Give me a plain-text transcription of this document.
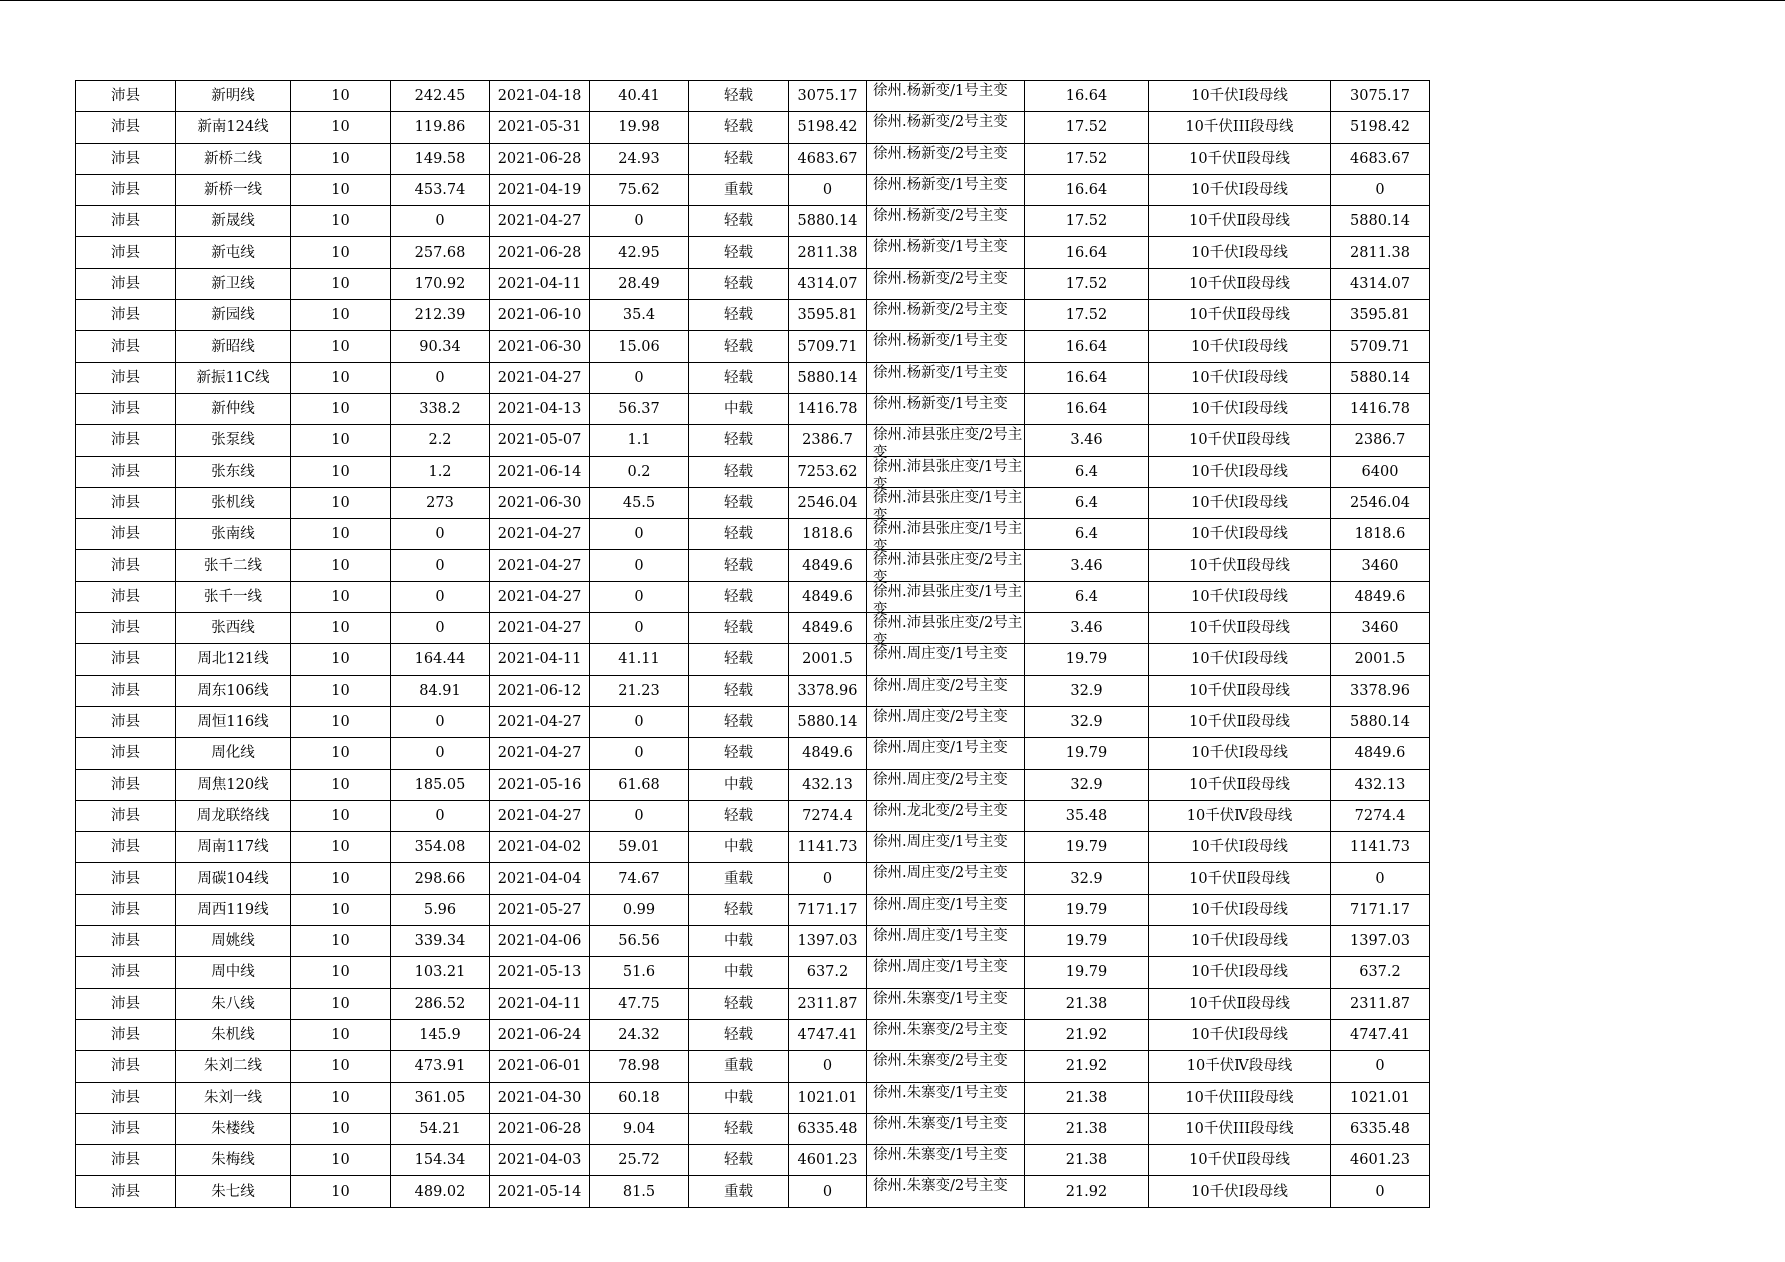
沛县	新明线	10	242.45	2021-04-18	40.41	轻载	3075.17	徐州.杨新变/1号主变	16.64	10千伏Ⅰ段母线	3075.17
沛县	新南124线	10	119.86	2021-05-31	19.98	轻载	5198.42	徐州.杨新变/2号主变	17.52	10千伏III段母线	5198.42
沛县	新桥二线	10	149.58	2021-06-28	24.93	轻载	4683.67	徐州.杨新变/2号主变	17.52	10千伏Ⅱ段母线	4683.67
沛县	新桥一线	10	453.74	2021-04-19	75.62	重载	0	徐州.杨新变/1号主变	16.64	10千伏Ⅰ段母线	0
沛县	新晟线	10	0	2021-04-27	0	轻载	5880.14	徐州.杨新变/2号主变	17.52	10千伏Ⅱ段母线	5880.14
沛县	新屯线	10	257.68	2021-06-28	42.95	轻载	2811.38	徐州.杨新变/1号主变	16.64	10千伏Ⅰ段母线	2811.38
沛县	新卫线	10	170.92	2021-04-11	28.49	轻载	4314.07	徐州.杨新变/2号主变	17.52	10千伏Ⅱ段母线	4314.07
沛县	新园线	10	212.39	2021-06-10	35.4	轻载	3595.81	徐州.杨新变/2号主变	17.52	10千伏Ⅱ段母线	3595.81
沛县	新昭线	10	90.34	2021-06-30	15.06	轻载	5709.71	徐州.杨新变/1号主变	16.64	10千伏Ⅰ段母线	5709.71
沛县	新振11C线	10	0	2021-04-27	0	轻载	5880.14	徐州.杨新变/1号主变	16.64	10千伏Ⅰ段母线	5880.14
沛县	新仲线	10	338.2	2021-04-13	56.37	中载	1416.78	徐州.杨新变/1号主变	16.64	10千伏Ⅰ段母线	1416.78
沛县	张泵线	10	2.2	2021-05-07	1.1	轻载	2386.7	徐州.沛县张庄变/2号主变	3.46	10千伏Ⅱ段母线	2386.7
沛县	张东线	10	1.2	2021-06-14	0.2	轻载	7253.62	徐州.沛县张庄变/1号主变	6.4	10千伏Ⅰ段母线	6400
沛县	张机线	10	273	2021-06-30	45.5	轻载	2546.04	徐州.沛县张庄变/1号主变	6.4	10千伏Ⅰ段母线	2546.04
沛县	张南线	10	0	2021-04-27	0	轻载	1818.6	徐州.沛县张庄变/1号主变	6.4	10千伏Ⅰ段母线	1818.6
沛县	张千二线	10	0	2021-04-27	0	轻载	4849.6	徐州.沛县张庄变/2号主变	3.46	10千伏Ⅱ段母线	3460
沛县	张千一线	10	0	2021-04-27	0	轻载	4849.6	徐州.沛县张庄变/1号主变	6.4	10千伏Ⅰ段母线	4849.6
沛县	张西线	10	0	2021-04-27	0	轻载	4849.6	徐州.沛县张庄变/2号主变	3.46	10千伏Ⅱ段母线	3460
沛县	周北121线	10	164.44	2021-04-11	41.11	轻载	2001.5	徐州.周庄变/1号主变	19.79	10千伏Ⅰ段母线	2001.5
沛县	周东106线	10	84.91	2021-06-12	21.23	轻载	3378.96	徐州.周庄变/2号主变	32.9	10千伏Ⅱ段母线	3378.96
沛县	周恒116线	10	0	2021-04-27	0	轻载	5880.14	徐州.周庄变/2号主变	32.9	10千伏Ⅱ段母线	5880.14
沛县	周化线	10	0	2021-04-27	0	轻载	4849.6	徐州.周庄变/1号主变	19.79	10千伏Ⅰ段母线	4849.6
沛县	周焦120线	10	185.05	2021-05-16	61.68	中载	432.13	徐州.周庄变/2号主变	32.9	10千伏Ⅱ段母线	432.13
沛县	周龙联络线	10	0	2021-04-27	0	轻载	7274.4	徐州.龙北变/2号主变	35.48	10千伏Ⅳ段母线	7274.4
沛县	周南117线	10	354.08	2021-04-02	59.01	中载	1141.73	徐州.周庄变/1号主变	19.79	10千伏Ⅰ段母线	1141.73
沛县	周碳104线	10	298.66	2021-04-04	74.67	重载	0	徐州.周庄变/2号主变	32.9	10千伏Ⅱ段母线	0
沛县	周西119线	10	5.96	2021-05-27	0.99	轻载	7171.17	徐州.周庄变/1号主变	19.79	10千伏Ⅰ段母线	7171.17
沛县	周姚线	10	339.34	2021-04-06	56.56	中载	1397.03	徐州.周庄变/1号主变	19.79	10千伏Ⅰ段母线	1397.03
沛县	周中线	10	103.21	2021-05-13	51.6	中载	637.2	徐州.周庄变/1号主变	19.79	10千伏Ⅰ段母线	637.2
沛县	朱八线	10	286.52	2021-04-11	47.75	轻载	2311.87	徐州.朱寨变/1号主变	21.38	10千伏Ⅱ段母线	2311.87
沛县	朱机线	10	145.9	2021-06-24	24.32	轻载	4747.41	徐州.朱寨变/2号主变	21.92	10千伏Ⅰ段母线	4747.41
沛县	朱刘二线	10	473.91	2021-06-01	78.98	重载	0	徐州.朱寨变/2号主变	21.92	10千伏Ⅳ段母线	0
沛县	朱刘一线	10	361.05	2021-04-30	60.18	中载	1021.01	徐州.朱寨变/1号主变	21.38	10千伏III段母线	1021.01
沛县	朱楼线	10	54.21	2021-06-28	9.04	轻载	6335.48	徐州.朱寨变/1号主变	21.38	10千伏III段母线	6335.48
沛县	朱梅线	10	154.34	2021-04-03	25.72	轻载	4601.23	徐州.朱寨变/1号主变	21.38	10千伏Ⅱ段母线	4601.23
沛县	朱七线	10	489.02	2021-05-14	81.5	重载	0	徐州.朱寨变/2号主变	21.92	10千伏Ⅰ段母线	0
